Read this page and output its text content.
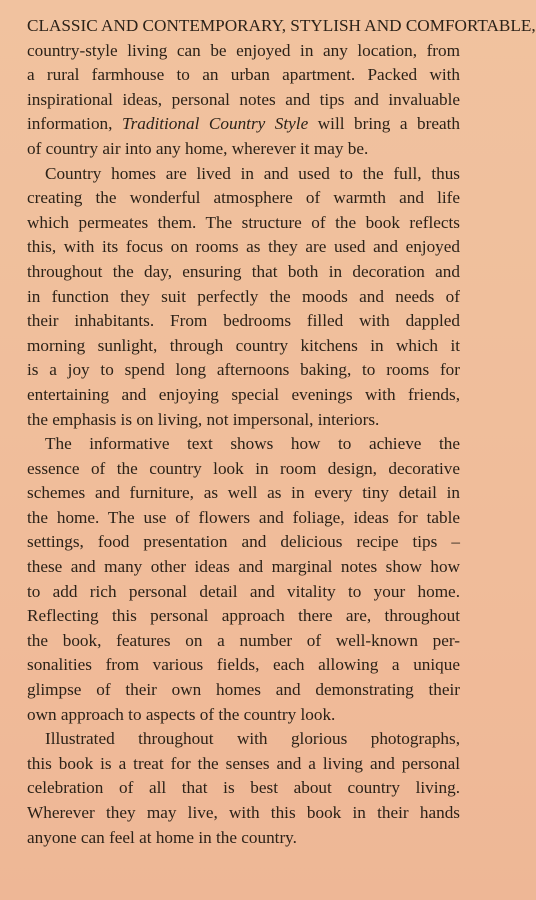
CLASSIC AND CONTEMPORARY, STYLISH AND COMFORTABLE,
country-style living can be enjoyed in any location, from
a rural farmhouse to an urban apartment. Packed with
inspirational ideas, personal notes and tips and invaluable
information, Traditional Country Style will bring a breath
of country air into any home, wherever it may be.

Country homes are lived in and used to the full, thus
creating the wonderful atmosphere of warmth and life
which permeates them. The structure of the book reflects
this, with its focus on rooms as they are used and enjoyed
throughout the day, ensuring that both in decoration and
in function they suit perfectly the moods and needs of
their inhabitants. From bedrooms filled with dappled
morning sunlight, through country kitchens in which it
is a joy to spend long afternoons baking, to rooms for
entertaining and enjoying special evenings with friends,
the emphasis is on living, not impersonal, interiors.

The informative text shows how to achieve the
essence of the country look in room design, decorative
schemes and furniture, as well as in every tiny detail in
the home. The use of flowers and foliage, ideas for table
settings, food presentation and delicious recipe tips –
these and many other ideas and marginal notes show how
to add rich personal detail and vitality to your home.
Reflecting this personal approach there are, throughout
the book, features on a number of well-known per-
sonalities from various fields, each allowing a unique
glimpse of their own homes and demonstrating their
own approach to aspects of the country look.

Illustrated throughout with glorious photographs,
this book is a treat for the senses and a living and personal
celebration of all that is best about country living.
Wherever they may live, with this book in their hands
anyone can feel at home in the country.
